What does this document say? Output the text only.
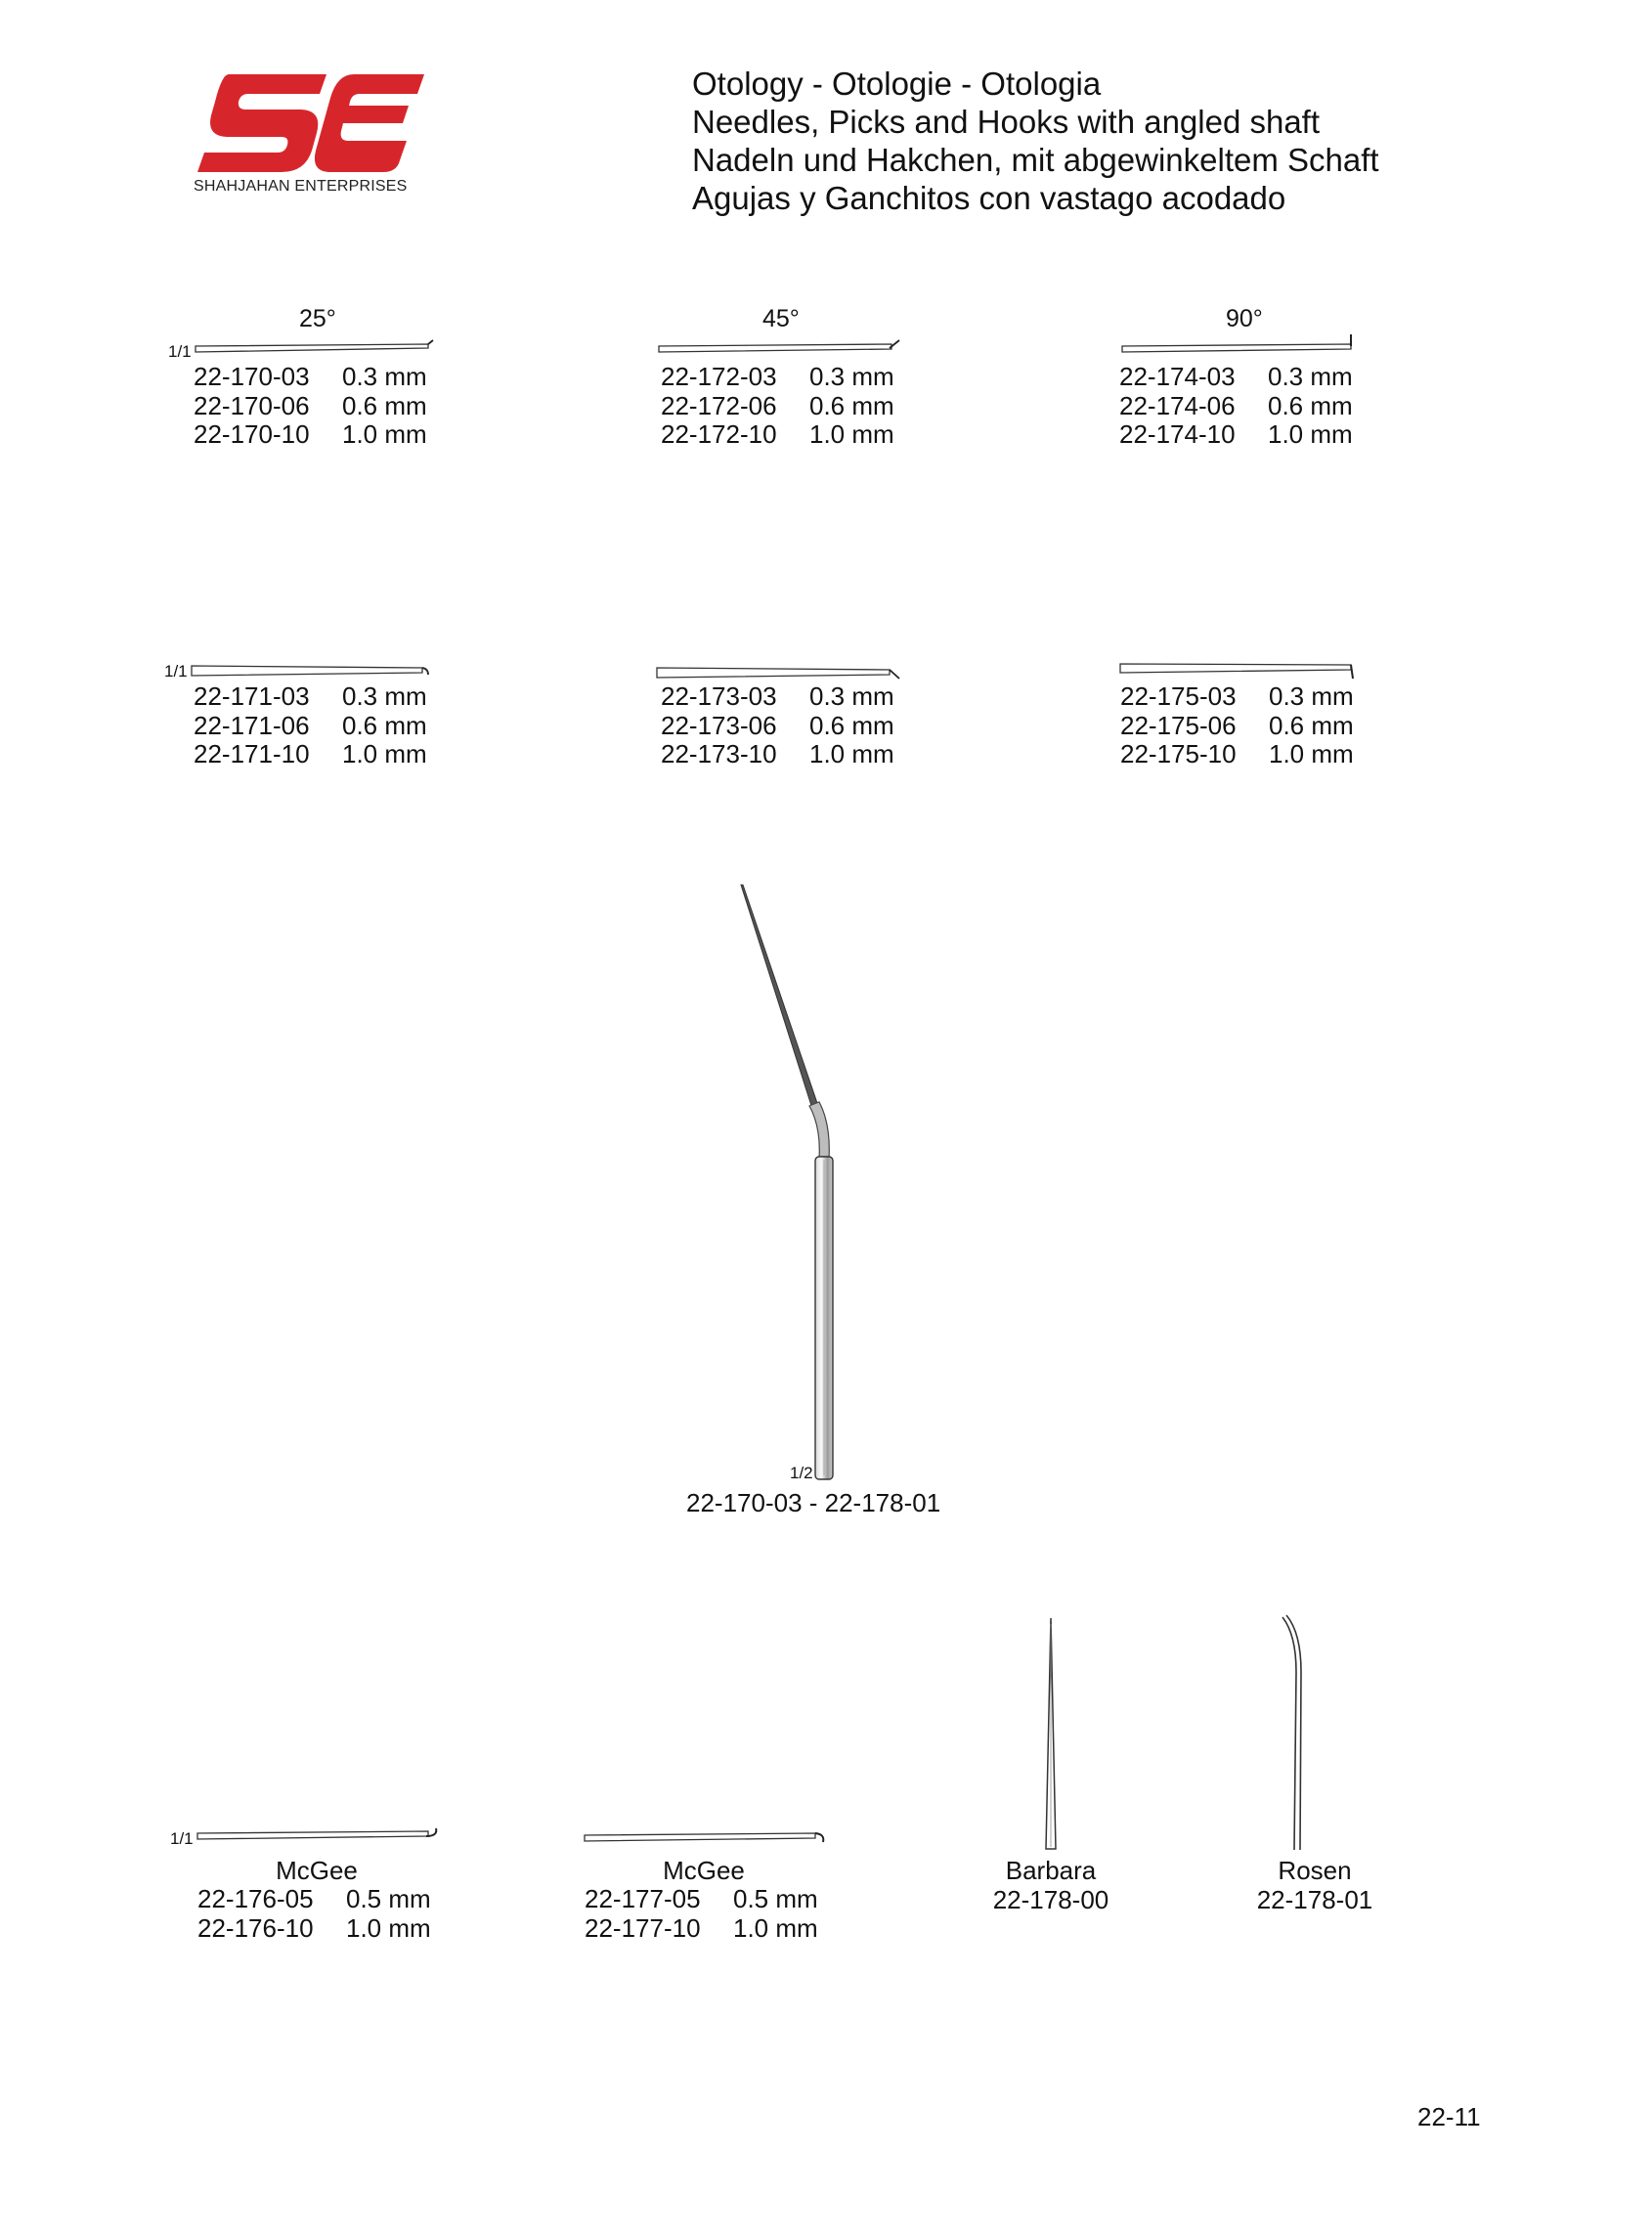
SHAHJAHAN ENTERPRISES
Otology - Otologie - Otologia
Needles, Picks and Hooks with angled shaft
Nadeln und Hakchen, mit abgewinkeltem Schaft
Agujas y Ganchitos con vastago acodado
25°	45°	90°
1/1
22-170-03 0.3 mm
22-170-06 0.6 mm
22-170-10 1.0 mm
22-172-03 0.3 mm
22-172-06 0.6 mm
22-172-10 1.0 mm
22-174-03 0.3 mm
22-174-06 0.6 mm
22-174-10 1.0 mm
1/1
22-171-03 0.3 mm
22-171-06 0.6 mm
22-171-10 1.0 mm
22-173-03 0.3 mm
22-173-06 0.6 mm
22-173-10 1.0 mm
22-175-03 0.3 mm
22-175-06 0.6 mm
22-175-10 1.0 mm
1/2
22-170-03 - 22-178-01
1/1
McGee
22-176-05 0.5 mm
22-176-10 1.0 mm
McGee
22-177-05 0.5 mm
22-177-10 1.0 mm
Barbara
22-178-00
Rosen
22-178-01
22-11
